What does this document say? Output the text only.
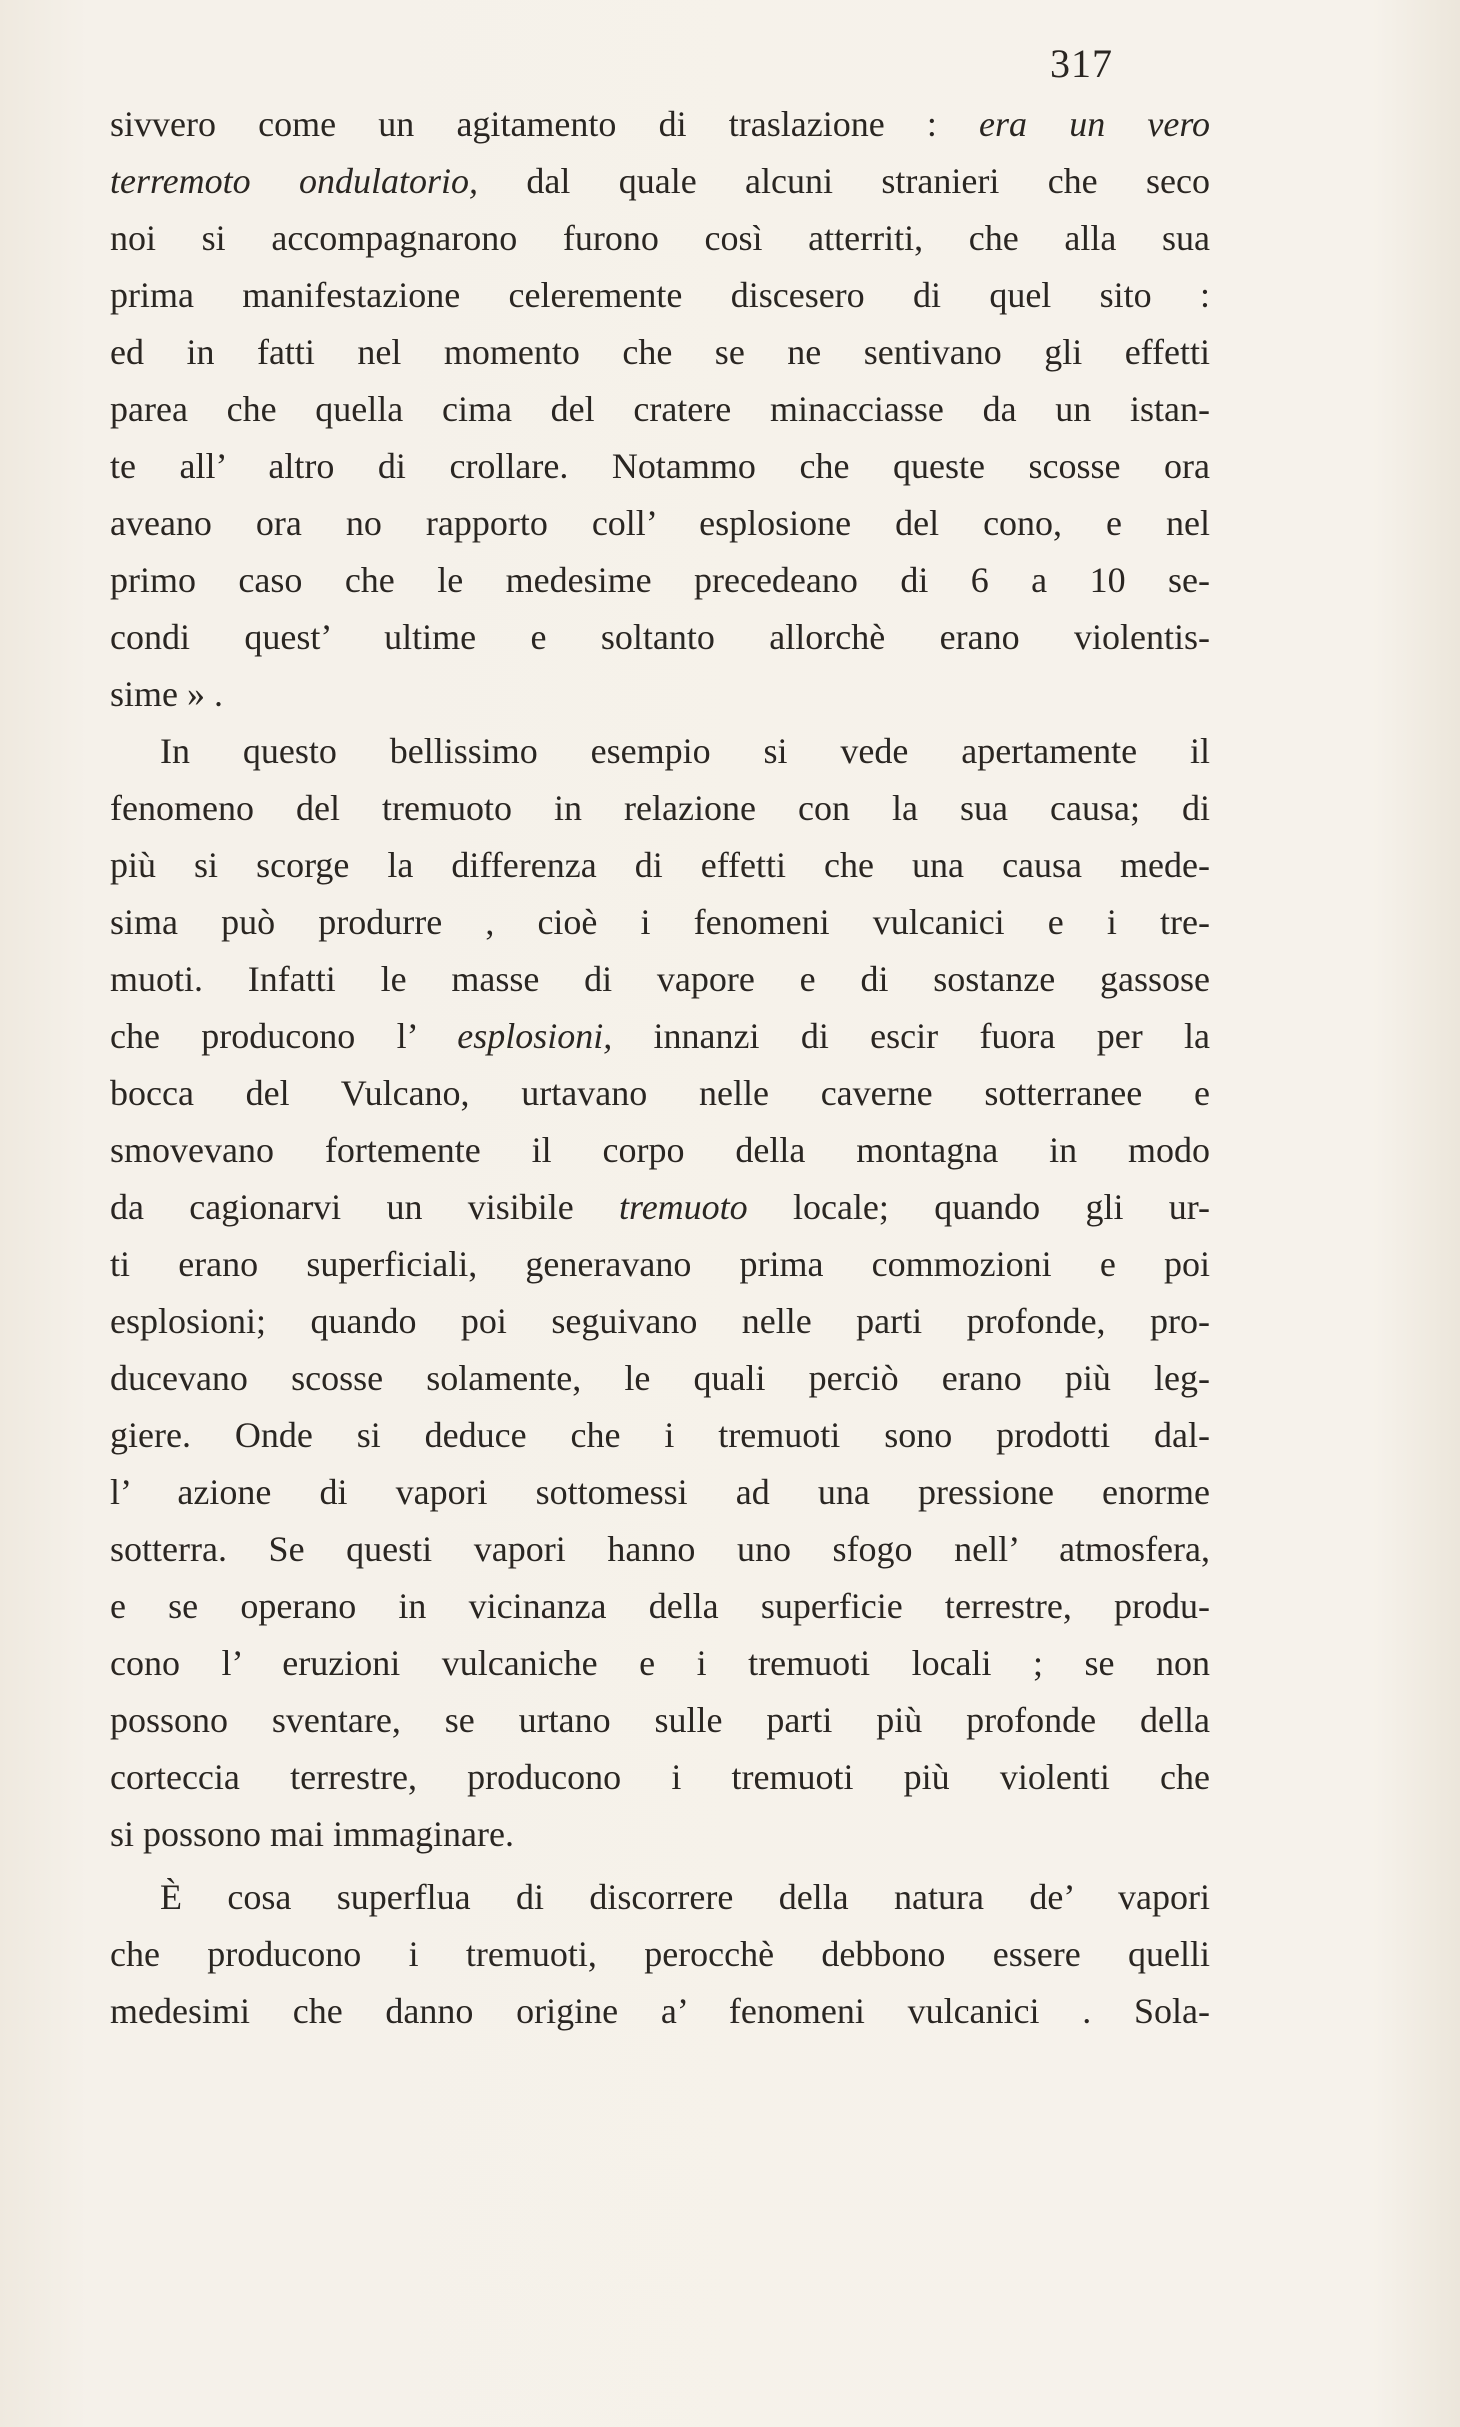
317
sivvero come un agitamento di traslazione : era un vero
terremoto ondulatorio, dal quale alcuni stranieri che seco
noi si accompagnarono furono così atterriti, che alla sua
prima manifestazione celeremente discesero di quel sito :
ed in fatti nel momento che se ne sentivano gli effetti
parea che quella cima del cratere minacciasse da un istan-
te all’ altro di crollare. Notammo che queste scosse ora
aveano ora no rapporto coll’ esplosione del cono, e nel
primo caso che le medesime precedeano di 6 a 10 se-
condi quest’ ultime e soltanto allorchè erano violentis-
sime » .
In questo bellissimo esempio si vede apertamente il
fenomeno del tremuoto in relazione con la sua causa; di
più si scorge la differenza di effetti che una causa mede-
sima può produrre , cioè i fenomeni vulcanici e i tre-
muoti. Infatti le masse di vapore e di sostanze gassose
che producono l’ esplosioni, innanzi di escir fuora per la
bocca del Vulcano, urtavano nelle caverne sotterranee e
smovevano fortemente il corpo della montagna in modo
da cagionarvi un visibile tremuoto locale; quando gli ur-
ti erano superficiali, generavano prima commozioni e poi
esplosioni; quando poi seguivano nelle parti profonde, pro-
ducevano scosse solamente, le quali perciò erano più leg-
giere. Onde si deduce che i tremuoti sono prodotti dal-
l’ azione di vapori sottomessi ad una pressione enorme
sotterra. Se questi vapori hanno uno sfogo nell’ atmosfera,
e se operano in vicinanza della superficie terrestre, produ-
cono l’ eruzioni vulcaniche e i tremuoti locali ; se non
possono sventare, se urtano sulle parti più profonde della
corteccia terrestre, producono i tremuoti più violenti che
si possono mai immaginare.
È cosa superflua di discorrere della natura de’ vapori
che producono i tremuoti, perocchè debbono essere quelli
medesimi che danno origine a’ fenomeni vulcanici . Sola-
